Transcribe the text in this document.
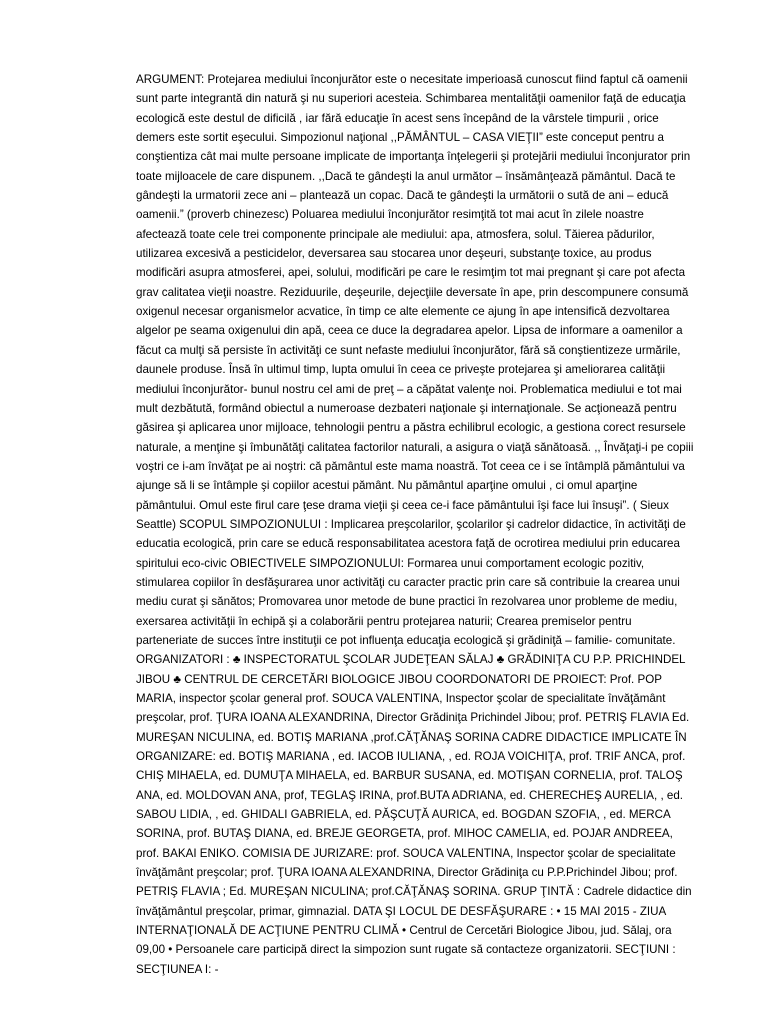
ARGUMENT: Protejarea mediului înconjurător este o necesitate imperioasă cunoscut fiind faptul că oamenii sunt parte integrantă din natură şi nu superiori acesteia. Schimbarea mentalităţii oamenilor faţă de educaţia ecologică este destul de dificilă , iar fără educaţie în acest sens începând de la vârstele timpurii , orice demers este sortit eşecului. Simpozionul naţional ,,PĂMÂNTUL – CASA VIEŢII” este conceput pentru a conştientiza cât mai multe persoane implicate de importanţa înţelegerii şi protejării mediului înconjurator prin toate mijloacele de care dispunem. ,,Dacă te gândeşti la anul următor – însămânţează pământul. Dacă te gândeşti la urmatorii zece ani – plantează un copac. Dacă te gândeşti la următorii o sută de ani – educă oamenii.” (proverb chinezesc) Poluarea mediului înconjurător resimţită tot mai acut în zilele noastre afectează toate cele trei componente principale ale mediului: apa, atmosfera, solul. Tăierea pădurilor, utilizarea excesivă a pesticidelor, deversarea sau stocarea unor deşeuri, substanţe toxice, au produs modificări asupra atmosferei, apei, solului, modificări pe care le resimţim tot mai pregnant şi care pot afecta grav calitatea vieţii noastre. Reziduurile, deşeurile, dejecţiile deversate în ape, prin descompunere consumă oxigenul necesar organismelor acvatice, în timp ce alte elemente ce ajung în ape intensifică dezvoltarea algelor pe seama oxigenului din apă, ceea ce duce la degradarea apelor. Lipsa de informare a oamenilor a făcut ca mulţi să persiste în activităţi ce sunt nefaste mediului înconjurător, fără să conştientizeze urmările, daunele produse. Însă în ultimul timp, lupta omului în ceea ce priveşte protejarea şi ameliorarea calităţii mediului înconjurător- bunul nostru cel ami de preţ – a căpătat valenţe noi. Problematica mediului e tot mai mult dezbătută, formând obiectul a numeroase dezbateri naţionale şi internaţionale. Se acţionează pentru găsirea şi aplicarea unor mijloace, tehnologii pentru a păstra echilibrul ecologic, a gestiona corect resursele naturale, a menţine şi îmbunătăţi calitatea factorilor naturali, a asigura o viaţă sănătoasă. ,, Învăţaţi-i pe copiii voştri ce i-am învăţat pe ai noştri: că pământul este mama noastră. Tot ceea ce i se întâmplă pământului va ajunge să li se întâmple şi copiilor acestui pământ. Nu pământul aparţine omului , ci omul aparţine pământului. Omul este firul care ţese drama vieţii şi ceea ce-i face pământului îşi face lui însuşi”. ( Sieux Seattle) SCOPUL SIMPOZIONULUI : Implicarea preşcolarilor, şcolarilor şi cadrelor didactice, în activităţi de educatia ecologică, prin care se educă responsabilitatea acestora faţă de ocrotirea mediului prin educarea spiritului eco-civic OBIECTIVELE SIMPOZIONULUI: Formarea unui comportament ecologic pozitiv, stimularea copiilor în desfăşurarea unor activităţi cu caracter practic prin care să contribuie la crearea unui mediu curat şi sănătos; Promovarea unor metode de bune practici în rezolvarea unor probleme de mediu, exersarea activităţii în echipă şi a colaborării pentru protejarea naturii; Crearea premiselor pentru parteneriate de succes între instituţii ce pot influenţa educaţia ecologică şi grădiniţă – familie- comunitate. ORGANIZATORI : ♣ INSPECTORATUL ŞCOLAR JUDEŢEAN SĂLAJ ♣ GRĂDINIŢA CU P.P. PRICHINDEL JIBOU ♣ CENTRUL DE CERCETĂRI BIOLOGICE JIBOU COORDONATORI DE PROIECT: Prof. POP MARIA, inspector şcolar general prof. SOUCA VALENTINA, Inspector şcolar de specialitate învăţământ preşcolar, prof. ŢURA IOANA ALEXANDRINA, Director Grădiniţa Prichindel Jibou; prof. PETRIŞ FLAVIA Ed. MUREŞAN NICULINA, ed. BOTIŞ MARIANA ,prof.CĂŢĂNAŞ SORINA CADRE DIDACTICE IMPLICATE ÎN ORGANIZARE: ed. BOTIŞ MARIANA , ed. IACOB IULIANA, , ed. ROJA VOICHIŢA, prof. TRIF ANCA, prof. CHIŞ MIHAELA, ed. DUMUŢA MIHAELA, ed. BARBUR SUSANA, ed. MOTIŞAN CORNELIA, prof. TALOŞ ANA, ed. MOLDOVAN ANA, prof, TEGLAŞ IRINA, prof.BUTA ADRIANA, ed. CHERECHEŞ AURELIA, , ed. SABOU LIDIA, , ed. GHIDALI GABRIELA, ed. PĂŞCUŢĂ AURICA, ed. BOGDAN SZOFIA, , ed. MERCA SORINA, prof. BUTAŞ DIANA, ed. BREJE GEORGETA, prof. MIHOC CAMELIA, ed. POJAR ANDREEA, prof. BAKAI ENIKO. COMISIA DE JURIZARE: prof. SOUCA VALENTINA, Inspector şcolar de specialitate învăţământ preşcolar; prof. ŢURA IOANA ALEXANDRINA, Director Grădiniţa cu P.P.Prichindel Jibou; prof. PETRIŞ FLAVIA ; Ed. MUREŞAN NICULINA; prof.CĂŢĂNAŞ SORINA. GRUP ŢINTĂ : Cadrele didactice din învăţământul preşcolar, primar, gimnazial. DATA ŞI LOCUL DE DESFĂŞURARE : • 15 MAI 2015 - ZIUA INTERNAŢIONALĂ DE ACŢIUNE PENTRU CLIMĂ • Centrul de Cercetări Biologice Jibou, jud. Sălaj, ora 09,00 • Persoanele care participă direct la simpozion sunt rugate să contacteze organizatorii. SECŢIUNI : SECŢIUNEA I: -
